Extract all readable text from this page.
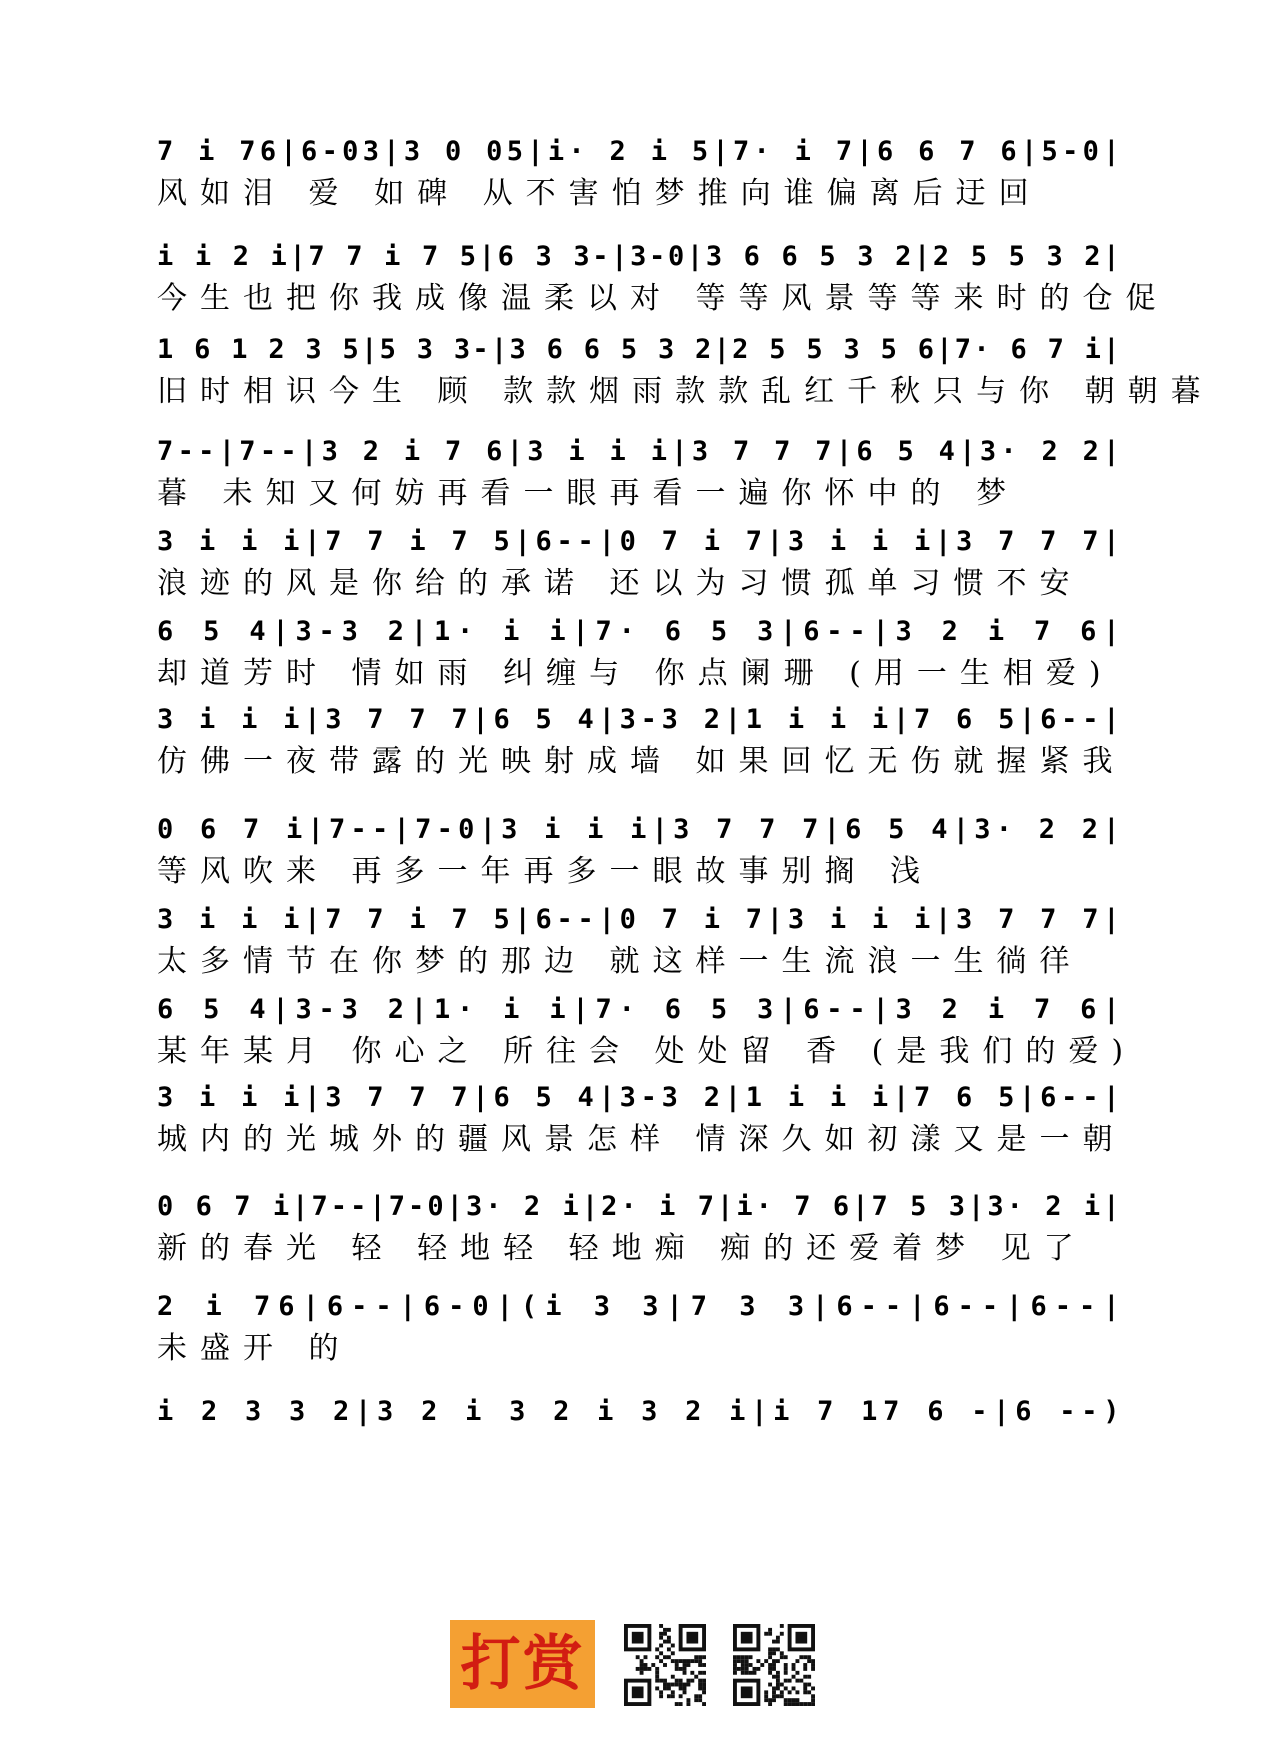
7 i 76|6-03|3 0 05|i· 2 i 5|7· i 7|6 6 7 6|5-0|
风如泪 爱 如碑 从不害怕梦推向谁偏离后迂回
i i 2 i|7 7 i 7 5|6 3 3-|3-0|3 6 6 5 3 2|2 5 5 3 2|
今生也把你我成像温柔以对 等等风景等等来时的仓促
1 6 1 2 3 5|5 3 3-|3 6 6 5 3 2|2 5 5 3 5 6|7· 6 7 i|
旧时相识今生 顾 款款烟雨款款乱红千秋只与你 朝朝暮
7--|7--|3 2 i 7 6|3 i i i|3 7 7 7|6 5 4|3· 2 2|
暮 未知又何妨再看一眼再看一遍你怀中的 梦
3 i i i|7 7 i 7 5|6--|0 7 i 7|3 i i i|3 7 7 7|
浪迹的风是你给的承诺 还以为习惯孤单习惯不安
6 5 4|3-3 2|1· i i|7· 6 5 3|6--|3 2 i 7 6|
却道芳时 情如雨 纠缠与 你点阑珊 (用一生相爱)
3 i i i|3 7 7 7|6 5 4|3-3 2|1 i i i|7 6 5|6--|
仿佛一夜带露的光映射成墙 如果回忆无伤就握紧我
0 6 7 i|7--|7-0|3 i i i|3 7 7 7|6 5 4|3· 2 2|
等风吹来 再多一年再多一眼故事别搁 浅
3 i i i|7 7 i 7 5|6--|0 7 i 7|3 i i i|3 7 7 7|
太多情节在你梦的那边 就这样一生流浪一生徜徉
6 5 4|3-3 2|1· i i|7· 6 5 3|6--|3 2 i 7 6|
某年某月 你心之 所往会 处处留 香 (是我们的爱)
3 i i i|3 7 7 7|6 5 4|3-3 2|1 i i i|7 6 5|6--|
城内的光城外的疆风景怎样 情深久如初漾又是一朝
0 6 7 i|7--|7-0|3· 2 i|2· i 7|i· 7 6|7 5 3|3· 2 i|
新的春光 轻 轻地轻 轻地痴 痴的还爱着梦 见了
2 i 76|6--|6-0|(i 3 3|7 3 3|6--|6--|6--|
未盛开 的
i 2 3 3 2|3 2 i 3 2 i 3 2 i|i 7 17 6 -|6 --)
打赏
